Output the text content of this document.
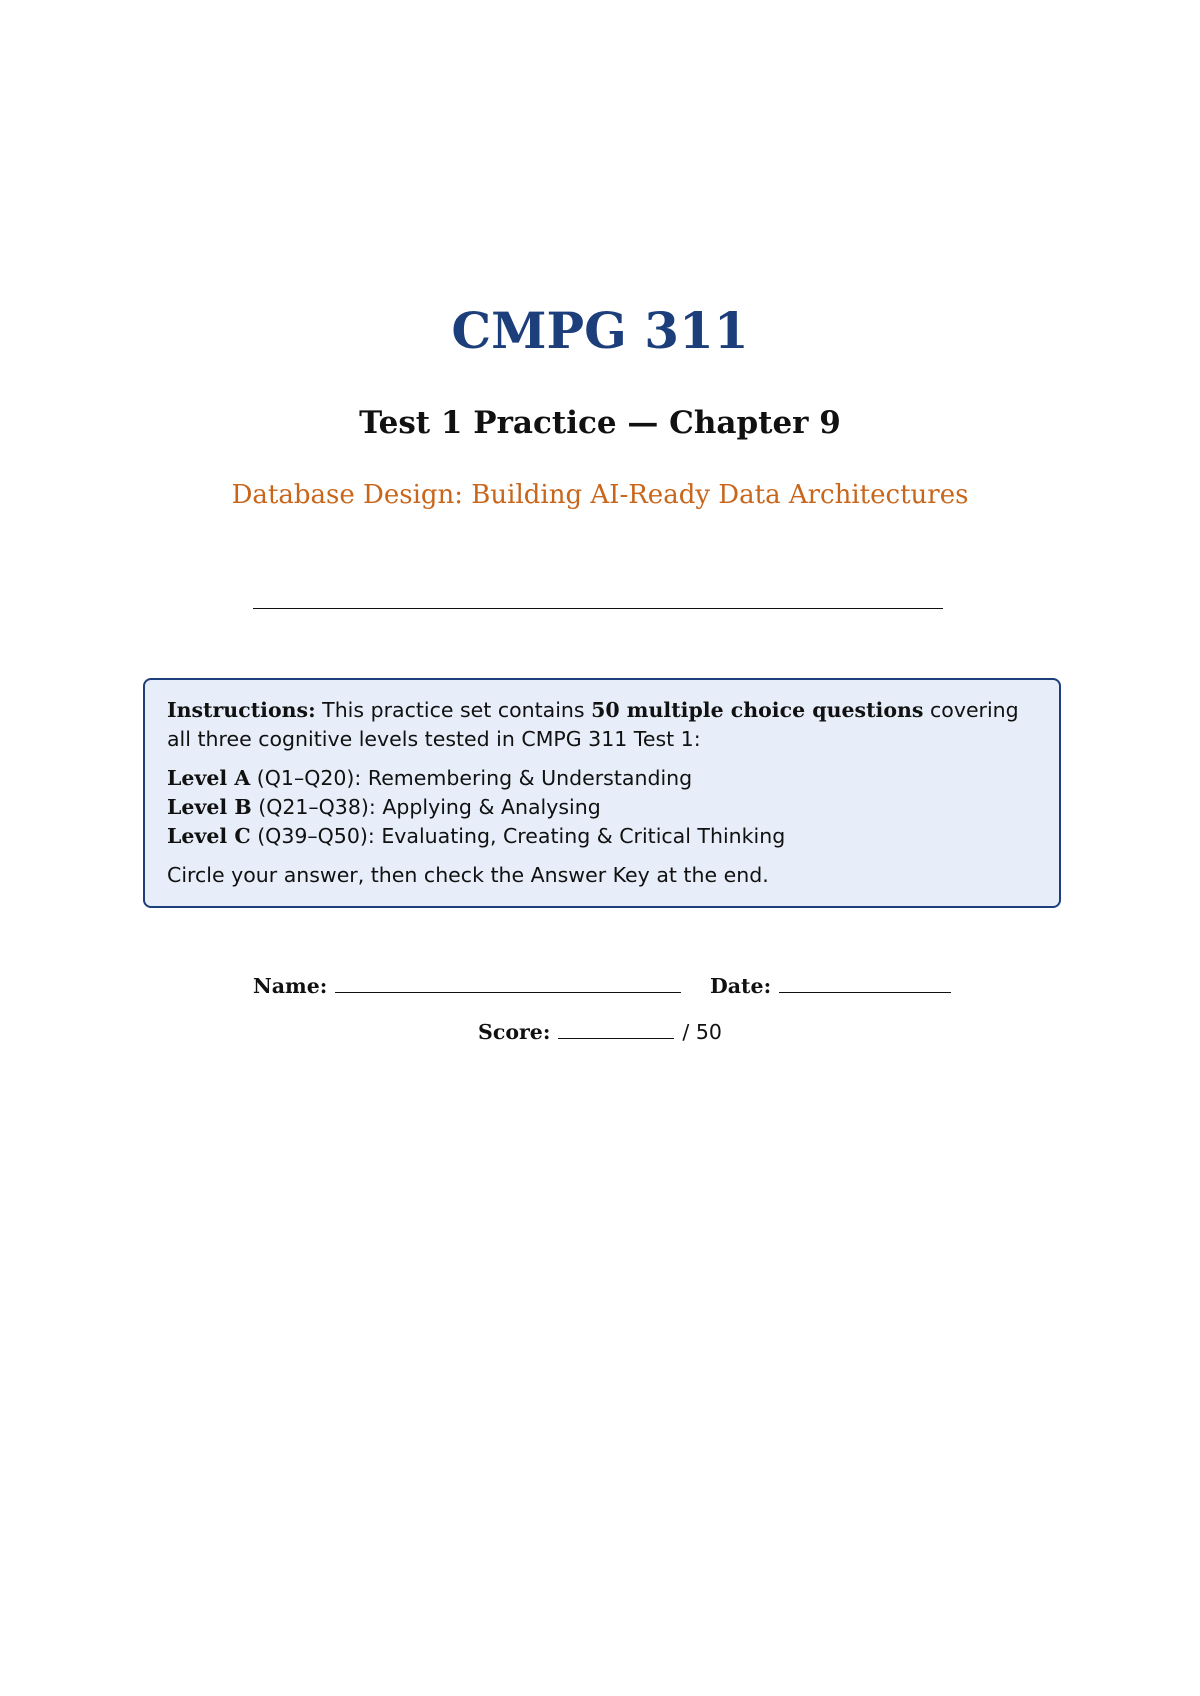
CMPG 311
Test 1 Practice — Chapter 9
Database Design: Building AI-Ready Data Architectures

Instructions: This practice set contains 50 multiple choice questions covering all three cognitive levels tested in CMPG 311 Test 1:

Level A (Q1–Q20): Remembering & Understanding
Level B (Q21–Q38): Applying & Analysing
Level C (Q39–Q50): Evaluating, Creating & Critical Thinking

Circle your answer, then check the Answer Key at the end.

Name:	Date:
Score:	/ 50
